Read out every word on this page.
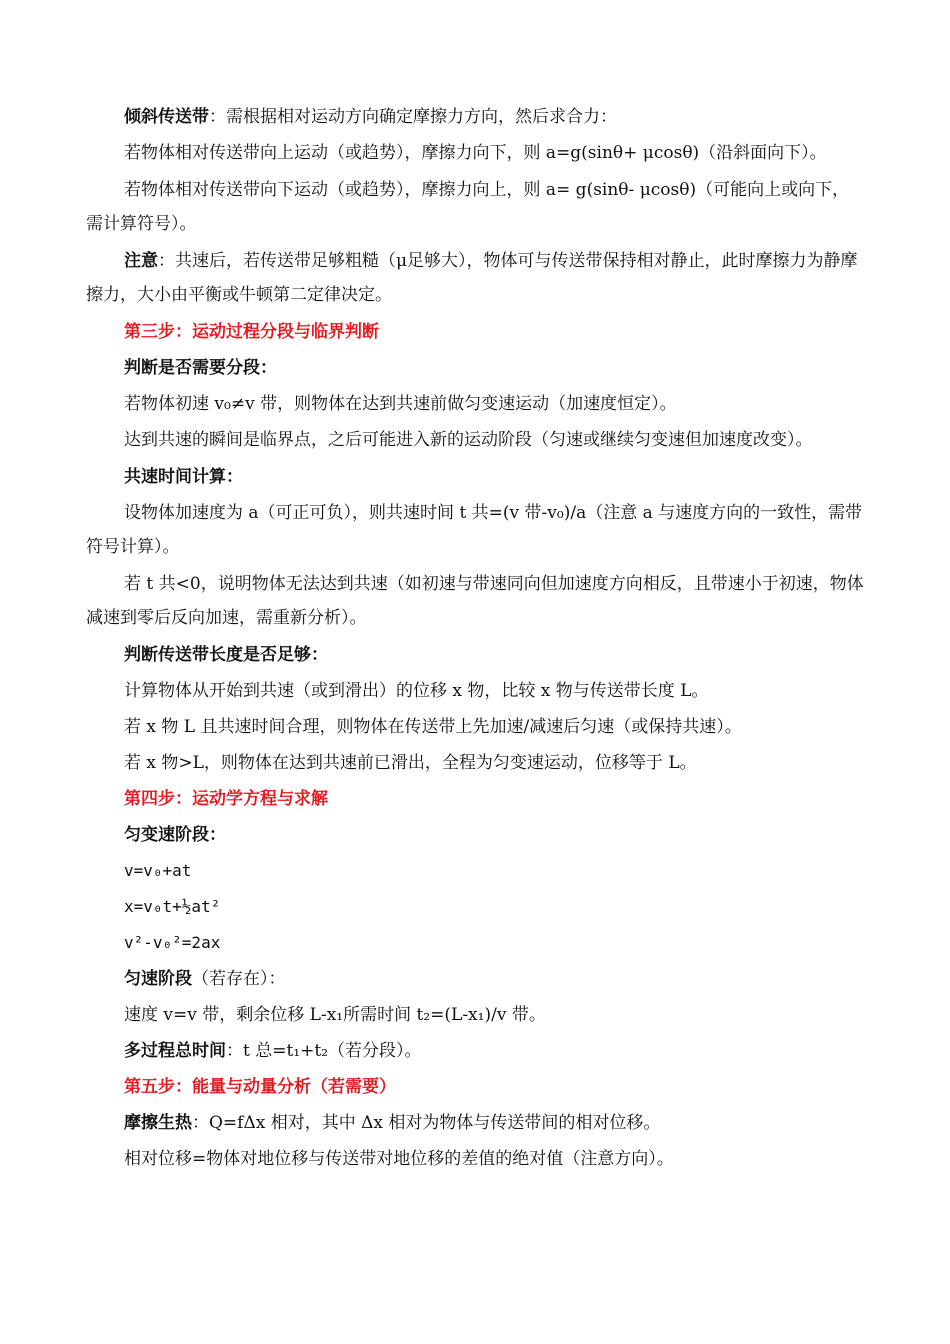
倾斜传送带：需根据相对运动方向确定摩擦力方向，然后求合力：

若物体相对传送带向上运动（或趋势），摩擦力向下，则 a=g(sinθ+ μcosθ)（沿斜面向下）。

若物体相对传送带向下运动（或趋势），摩擦力向上，则 a= g(sinθ- μcosθ)（可能向上或向下，需计算符号）。

注意：共速后，若传送带足够粗糙（μ足够大），物体可与传送带保持相对静止，此时摩擦力为静摩擦力，大小由平衡或牛顿第二定律决定。

第三步：运动过程分段与临界判断

判断是否需要分段：

若物体初速 v₀≠v 带，则物体在达到共速前做匀变速运动（加速度恒定）。

达到共速的瞬间是临界点，之后可能进入新的运动阶段（匀速或继续匀变速但加速度改变）。

共速时间计算：

设物体加速度为 a（可正可负），则共速时间 t 共=(v 带-v₀)/a（注意 a 与速度方向的一致性，需带符号计算）。

若 t 共<0，说明物体无法达到共速（如初速与带速同向但加速度方向相反，且带速小于初速，物体减速到零后反向加速，需重新分析）。

判断传送带长度是否足够：

计算物体从开始到共速（或到滑出）的位移 x 物，比较 x 物与传送带长度 L。

若 x 物 L 且共速时间合理，则物体在传送带上先加速/减速后匀速（或保持共速）。

若 x 物>L，则物体在达到共速前已滑出，全程为匀变速运动，位移等于 L。

第四步：运动学方程与求解

匀变速阶段：

v=v₀+at

x=v₀t+½at²

v²-v₀²=2ax

匀速阶段（若存在）：

速度 v=v 带，剩余位移 L-x₁所需时间 t₂=(L-x₁)/v 带。

多过程总时间：t 总=t₁+t₂（若分段）。

第五步：能量与动量分析（若需要）

摩擦生热：Q=fΔx 相对，其中 Δx 相对为物体与传送带间的相对位移。

相对位移=物体对地位移与传送带对地位移的差值的绝对值（注意方向）。
